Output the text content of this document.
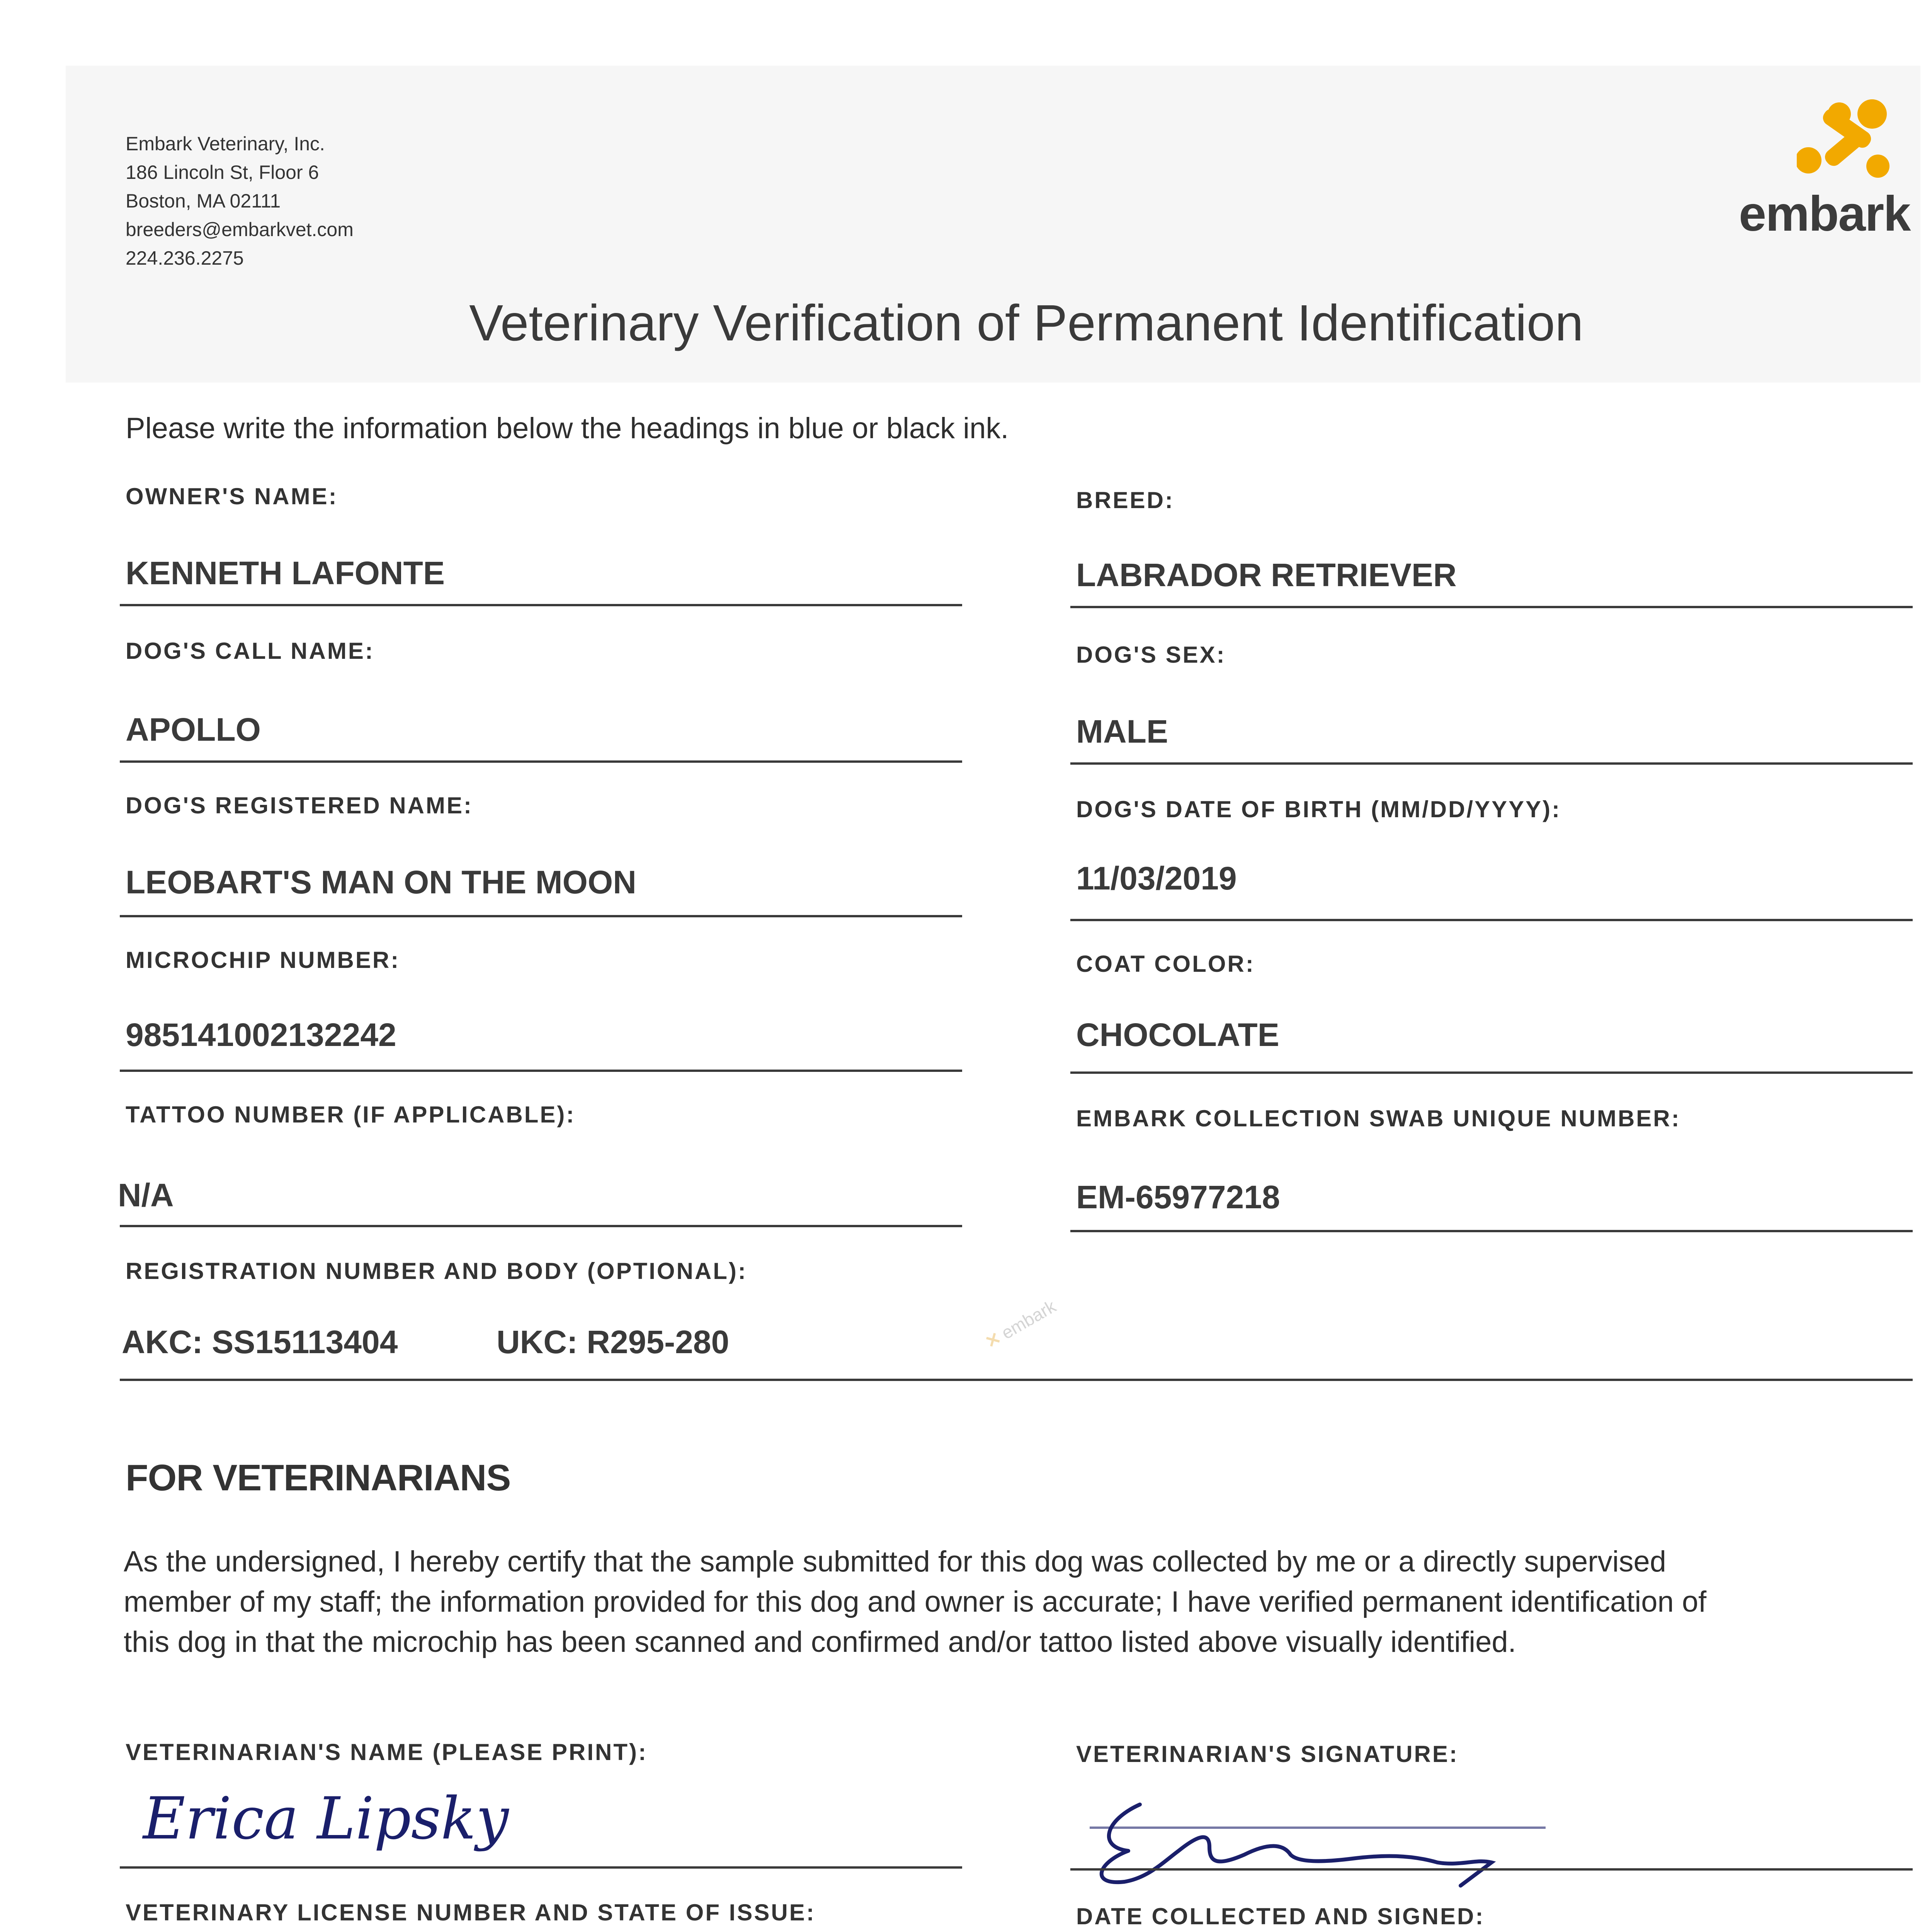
Embark Veterinary, Inc.
186 Lincoln St, Floor 6
Boston, MA 02111
breeders@embarkvet.com
224.236.2275
embark
Veterinary Verification of Permanent Identification
Please write the information below the headings in blue or black ink.
OWNER'S NAME:
KENNETH LAFONTE
BREED:
LABRADOR RETRIEVER
DOG'S CALL NAME:
APOLLO
DOG'S SEX:
MALE
DOG'S REGISTERED NAME:
LEOBART'S MAN ON THE MOON
DOG'S DATE OF BIRTH (MM/DD/YYYY):
11/03/2019
MICROCHIP NUMBER:
985141002132242
COAT COLOR:
CHOCOLATE
TATTOO NUMBER (IF APPLICABLE):
N/A
EMBARK COLLECTION SWAB UNIQUE NUMBER:
EM-65977218
REGISTRATION NUMBER AND BODY (OPTIONAL):
AKC: SS15113404	UKC: R295-280	✕embark
FOR VETERINARIANS
As the undersigned, I hereby certify that the sample submitted for this dog was collected by me or a directly supervised
member of my staff; the information provided for this dog and owner is accurate; I have verified permanent identification of
this dog in that the microchip has been scanned and confirmed and/or tattoo listed above visually identified.
VETERINARIAN'S NAME (PLEASE PRINT):
Erica Lipsky
VETERINARIAN'S SIGNATURE:
VETERINARY LICENSE NUMBER AND STATE OF ISSUE:	DATE COLLECTED AND SIGNED:
